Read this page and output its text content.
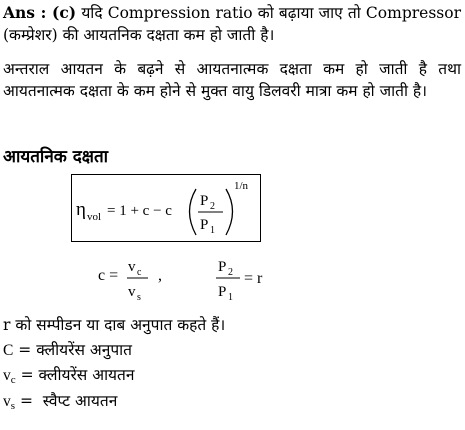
Ans : (c) यदि Compression ratio को बढ़ाया जाए तो Compressor (कम्प्रेशर) की आयतनिक दक्षता कम हो जाती है।
अन्तराल आयतन के बढ़ने से आयतनात्मक दक्षता कम हो जाती है तथा आयतनात्मक दक्षता के कम होने से मुक्त वायु डिलवरी मात्रा कम हो जाती है।
आयतनिक दक्षता
η vol = 1 + c − c
P 2
P 1
1/n
c = v c
v s
,	P 2
P 1
= r
r को सम्पीडन या दाब अनुपात कहते हैं।
C = क्लीयरेंस अनुपात
$v_c$ = क्लीयरेंस आयतन
$v_s$ =  स्वैप्ट आयतन
